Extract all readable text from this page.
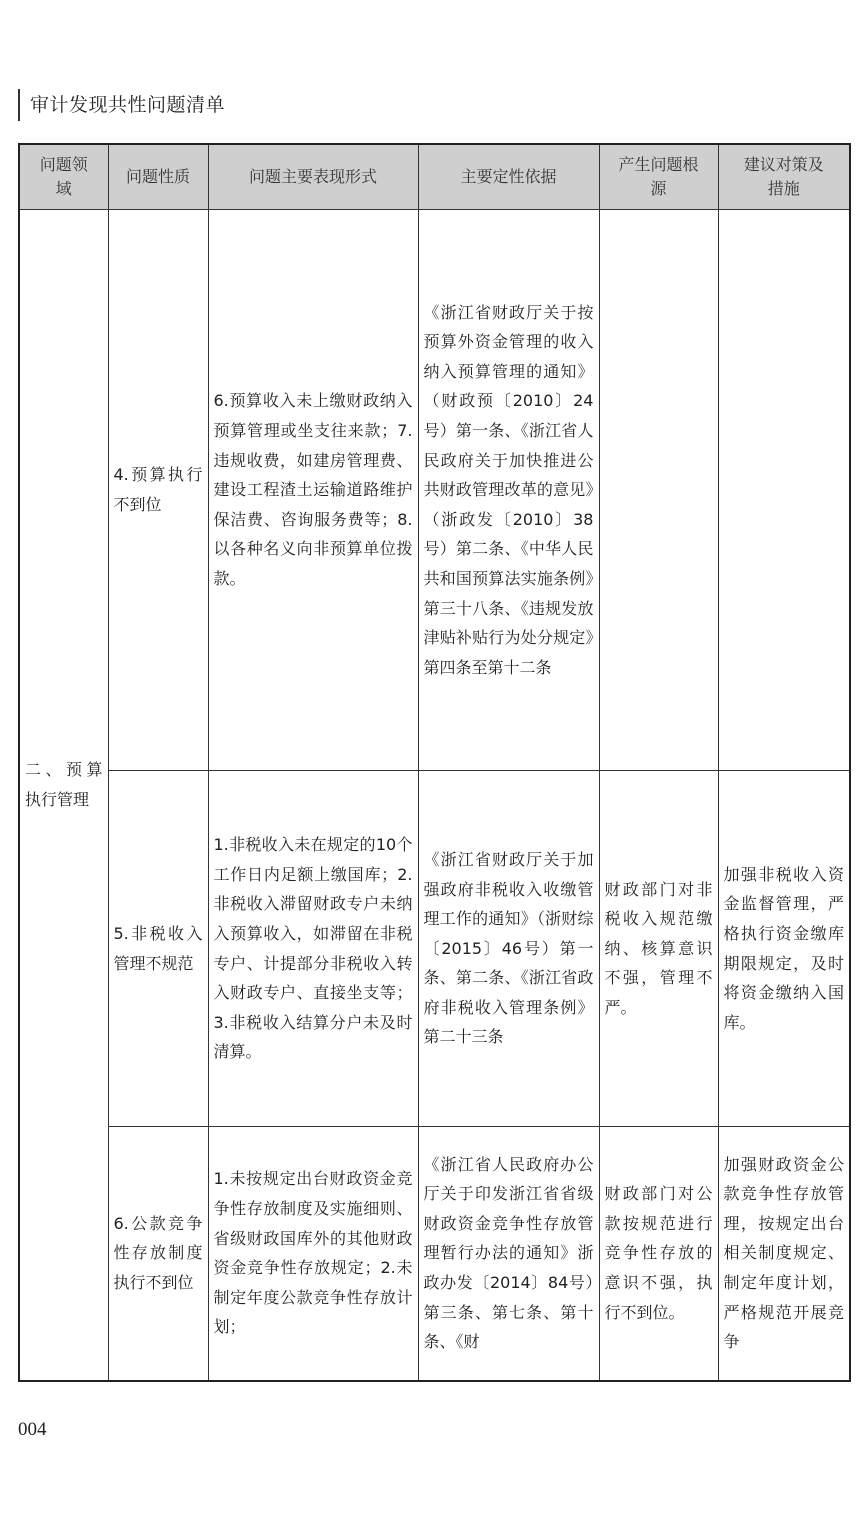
审计发现共性问题清单
问题领域	问题性质	问题主要表现形式	主要定性依据	产生问题根源	建议对策及措施
二、预算执行管理	4.预算执行不到位	6.预算收入未上缴财政纳入预算管理或坐支往来款；7.违规收费，如建房管理费、建设工程渣土运输道路维护保洁费、咨询服务费等；8.以各种名义向非预算单位拨款。	《浙江省财政厅关于按预算外资金管理的收入纳入预算管理的通知》（财政预〔2010〕24号）第一条、《浙江省人民政府关于加快推进公共财政管理改革的意见》（浙政发〔2010〕38号）第二条、《中华人民共和国预算法实施条例》第三十八条、《违规发放津贴补贴行为处分规定》第四条至第十二条		
	5.非税收入管理不规范	1.非税收入未在规定的10个工作日内足额上缴国库；2.非税收入滞留财政专户未纳入预算收入，如滞留在非税专户、计提部分非税收入转入财政专户、直接坐支等；3.非税收入结算分户未及时清算。	《浙江省财政厅关于加强政府非税收入收缴管理工作的通知》（浙财综〔2015〕46号）第一条、第二条、《浙江省政府非税收入管理条例》第二十三条	财政部门对非税收入规范缴纳、核算意识不强，管理不严。	加强非税收入资金监督管理，严格执行资金缴库期限规定，及时将资金缴纳入国库。
	6.公款竞争性存放制度执行不到位	1.未按规定出台财政资金竞争性存放制度及实施细则、省级财政国库外的其他财政资金竞争性存放规定；2.未制定年度公款竞争性存放计划；	《浙江省人民政府办公厅关于印发浙江省省级财政资金竞争性存放管理暂行办法的通知》浙政办发〔2014〕84号）第三条、第七条、第十条、《财	财政部门对公款按规范进行竞争性存放的意识不强，执行不到位。	加强财政资金公款竞争性存放管理，按规定出台相关制度规定、制定年度计划，严格规范开展竞争
004
